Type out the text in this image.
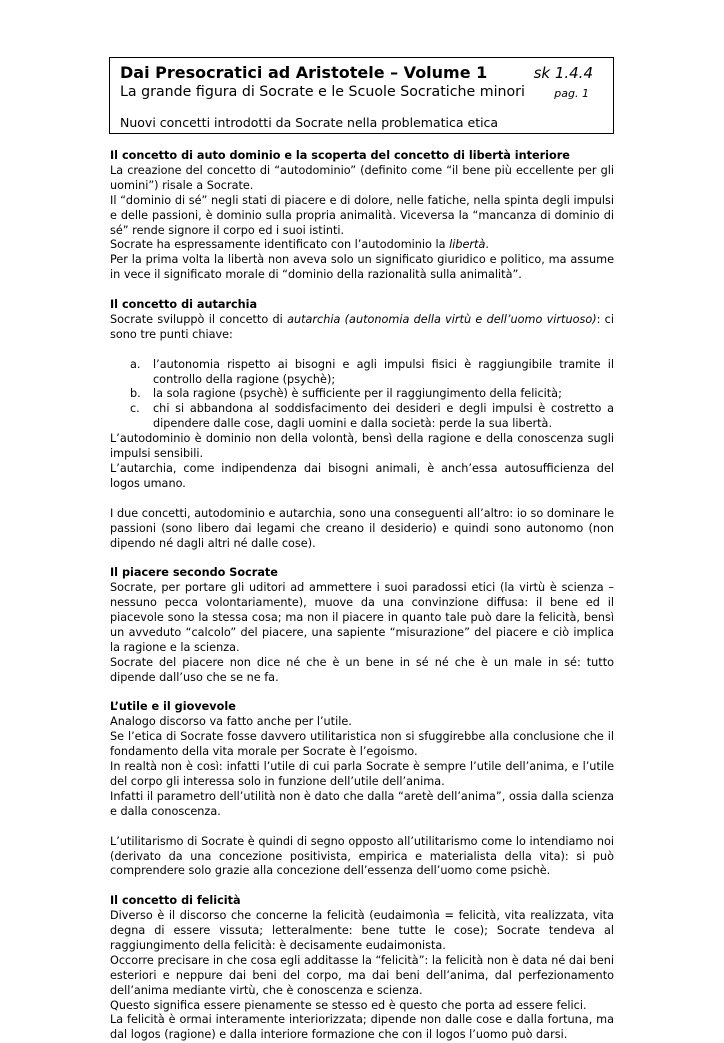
Dai Presocratici ad Aristotele – Volume 1	sk 1.4.4
La grande figura di Socrate e le Scuole Socratiche minori	pag. 1
Nuovi concetti introdotti da Socrate nella problematica etica

Il concetto di auto dominio e la scoperta del concetto di libertà interiore

La creazione del concetto di “autodominio” (definito come “il bene più eccellente per gli uomini”) risale a Socrate.

Il “dominio di sé” negli stati di piacere e di dolore, nelle fatiche, nella spinta degli impulsi e delle passioni, è dominio sulla propria animalità. Viceversa la “mancanza di dominio di sé” rende signore il corpo ed i suoi istinti.

Socrate ha espressamente identificato con l’autodominio la libertà.

Per la prima volta la libertà non aveva solo un significato giuridico e politico, ma assume in vece il significato morale di “dominio della razionalità sulla animalità”.

Il concetto di autarchia

Socrate sviluppò il concetto di autarchia (autonomia della virtù e dell’uomo virtuoso): ci sono tre punti chiave:

a. l’autonomia rispetto ai bisogni e agli impulsi fisici è raggiungibile tramite il controllo della ragione (psychè);
b. la sola ragione (psychè) è sufficiente per il raggiungimento della felicità;
c. chi si abbandona al soddisfacimento dei desideri e degli impulsi è costretto a dipendere dalle cose, dagli uomini e dalla società: perde la sua libertà.

L’autodominio è dominio non della volontà, bensì della ragione e della conoscenza sugli impulsi sensibili.

L’autarchia, come indipendenza dai bisogni animali, è anch’essa autosufficienza del logos umano.

I due concetti, autodominio e autarchia, sono una conseguenti all’altro: io so dominare le passioni (sono libero dai legami che creano il desiderio) e quindi sono autonomo (non dipendo né dagli altri né dalle cose).

Il piacere secondo Socrate

Socrate, per portare gli uditori ad ammettere i suoi paradossi etici (la virtù è scienza – nessuno pecca volontariamente), muove da una convinzione diffusa: il bene ed il piacevole sono la stessa cosa; ma non il piacere in quanto tale può dare la felicità, bensì un avveduto “calcolo” del piacere, una sapiente “misurazione” del piacere e ciò implica la ragione e la scienza.

Socrate del piacere non dice né che è un bene in sé né che è un male in sé: tutto dipende dall’uso che se ne fa.

L’utile e il giovevole

Analogo discorso va fatto anche per l’utile.

Se l’etica di Socrate fosse davvero utilitaristica non si sfuggirebbe alla conclusione che il fondamento della vita morale per Socrate è l’egoismo.

In realtà non è così: infatti l’utile di cui parla Socrate è sempre l’utile dell’anima, e l’utile del corpo gli interessa solo in funzione dell’utile dell’anima.

Infatti il parametro dell’utilità non è dato che dalla “aretè dell’anima”, ossia dalla scienza e dalla conoscenza.

L’utilitarismo di Socrate è quindi di segno opposto all’utilitarismo come lo intendiamo noi (derivato da una concezione positivista, empirica e materialista della vita): si può comprendere solo grazie alla concezione dell’essenza dell’uomo come psichè.

Il concetto di felicità

Diverso è il discorso che concerne la felicità (eudaimonìa = felicità, vita realizzata, vita degna di essere vissuta; letteralmente: bene tutte le cose); Socrate tendeva al raggiungimento della felicità: è decisamente eudaimonista.

Occorre precisare in che cosa egli additasse la “felicità”: la felicità non è data né dai beni esteriori e neppure dai beni del corpo, ma dai beni dell’anima, dal perfezionamento dell’anima mediante virtù, che è conoscenza e scienza.

Questo significa essere pienamente se stesso ed è questo che porta ad essere felici.

La felicità è ormai interamente interiorizzata; dipende non dalle cose e dalla fortuna, ma dal logos (ragione) e dalla interiore formazione che con il logos l’uomo può darsi.
